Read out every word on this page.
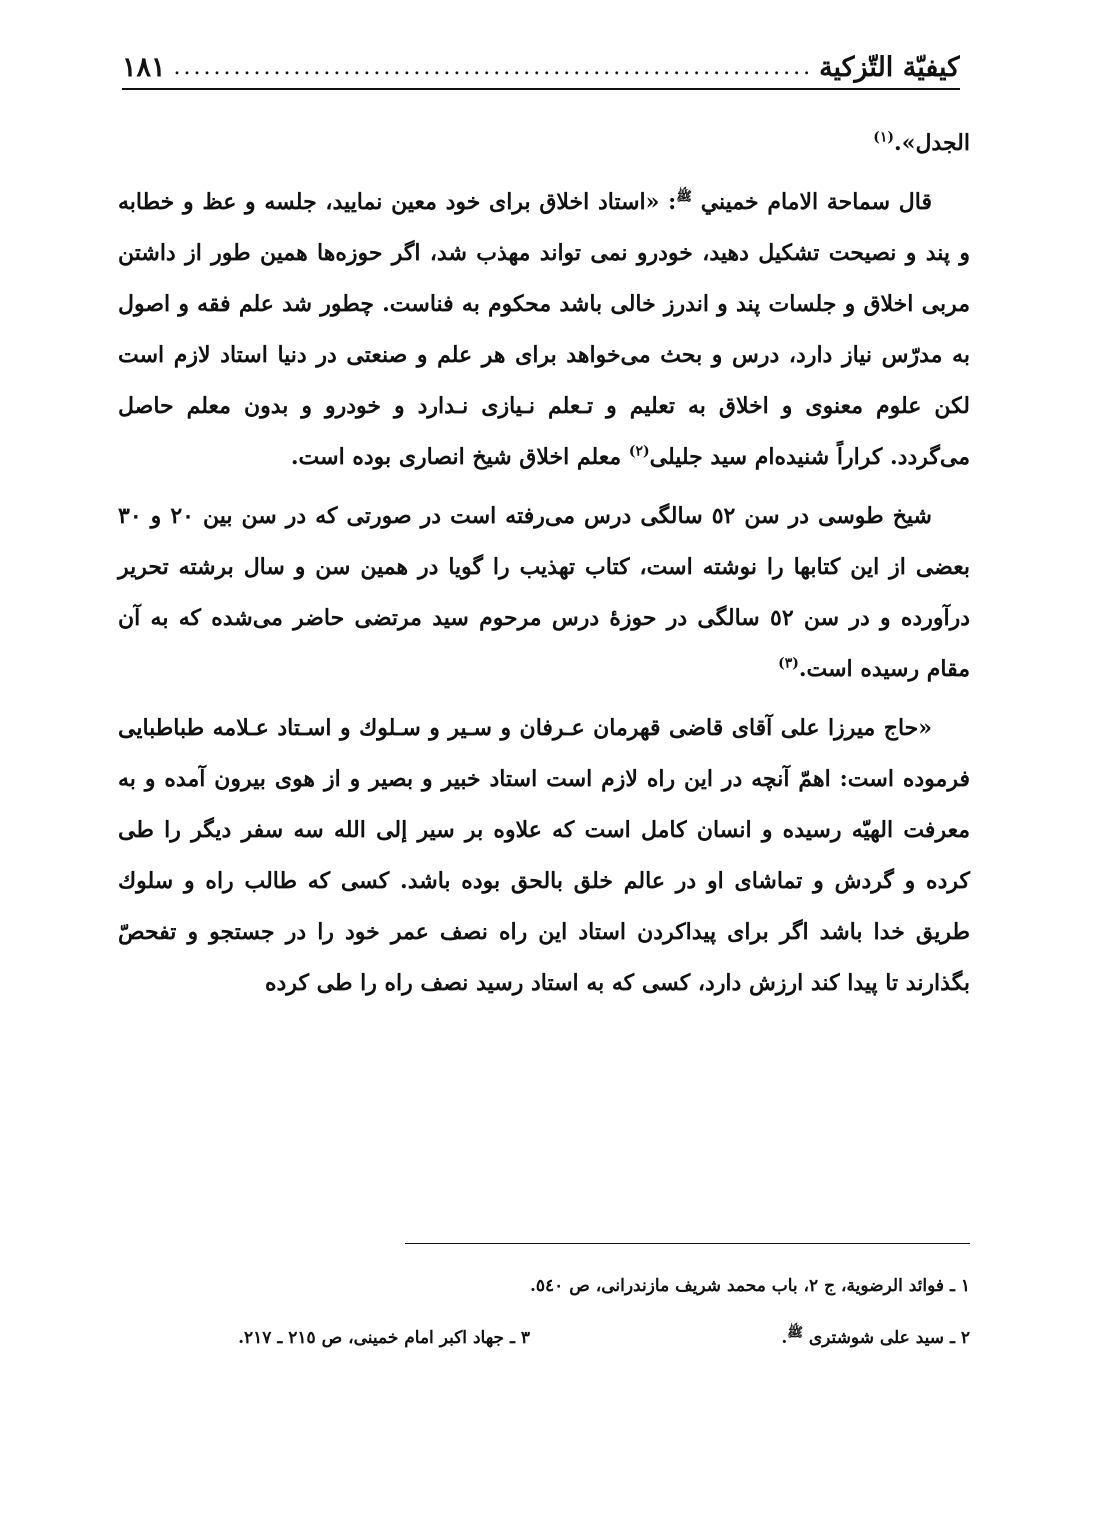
كيفيّة التّزكية
................................................................
١٨١

الجدل».$^{(١)}$

قال سماحة الامام خميني $^ﷺ$: «استاد اخلاق برای خود معین نمایید، جلسه و عظ و خطابه و پند و نصیحت تشکیل دهید، خودرو نمی تواند مهذب شد، اگر حوزه‌ها همین طور از داشتن مربی اخلاق و جلسات پند و اندرز خالی باشد محکوم به فناست. چطور شد علم فقه و اصول به مدرّس نیاز دارد، درس و بحث می‌خواهد برای هر علم و صنعتی در دنیا استاد لازم است لکن علوم معنوی و اخلاق به تعلیم و تـعلم نـیازی نـدارد و خودرو و بدون معلم حاصل می‌گردد. کراراً شنیده‌ام سید جلیلی$^{(٢)}$ معلم اخلاق شیخ انصاری بوده است.

شیخ طوسی در سن ٥٢ سالگی درس می‌رفته است در صورتی که در سن بین ٢٠ و ٣٠ بعضی از این کتابها را نوشته است، کتاب تهذیب را گویا در همین سن و سال برشته تحریر درآورده و در سن ٥٢ سالگی در حوزهٔ درس مرحوم سید مرتضی حاضر می‌شده که به آن مقام رسیده است.$^{(٣)}$

«حاج میرزا علی آقای قاضی قهرمان عـرفان و سـیر و سـلوك و اسـتاد عـلامه طباطبایی فرموده است: اهمّ آنچه در این راه لازم است استاد خبیر و بصیر و از هوی بیرون آمده و به معرفت الهیّه رسیده و انسان کامل است که علاوه بر سیر إلی الله سه سفر دیگر را طی کرده و گردش و تماشای او در عالم خلق بالحق بوده باشد. کسی که طالب راه و سلوك طریق خدا باشد اگر برای پیداکردن استاد این راه نصف عمر خود را در جستجو و تفحصّ بگذارند تا پیدا کند ارزش دارد، کسی که به استاد رسید نصف راه را طی کرده

١ ـ فوائد الرضوية، ج ٢، باب محمد شريف مازندرانى، ص ٥٤٠.
٢ ـ سيد على شوشترى $^ﷺ$.
٣ ـ جهاد اكبر امام خمينى، ص ٢١٥ ـ ٢١٧.
